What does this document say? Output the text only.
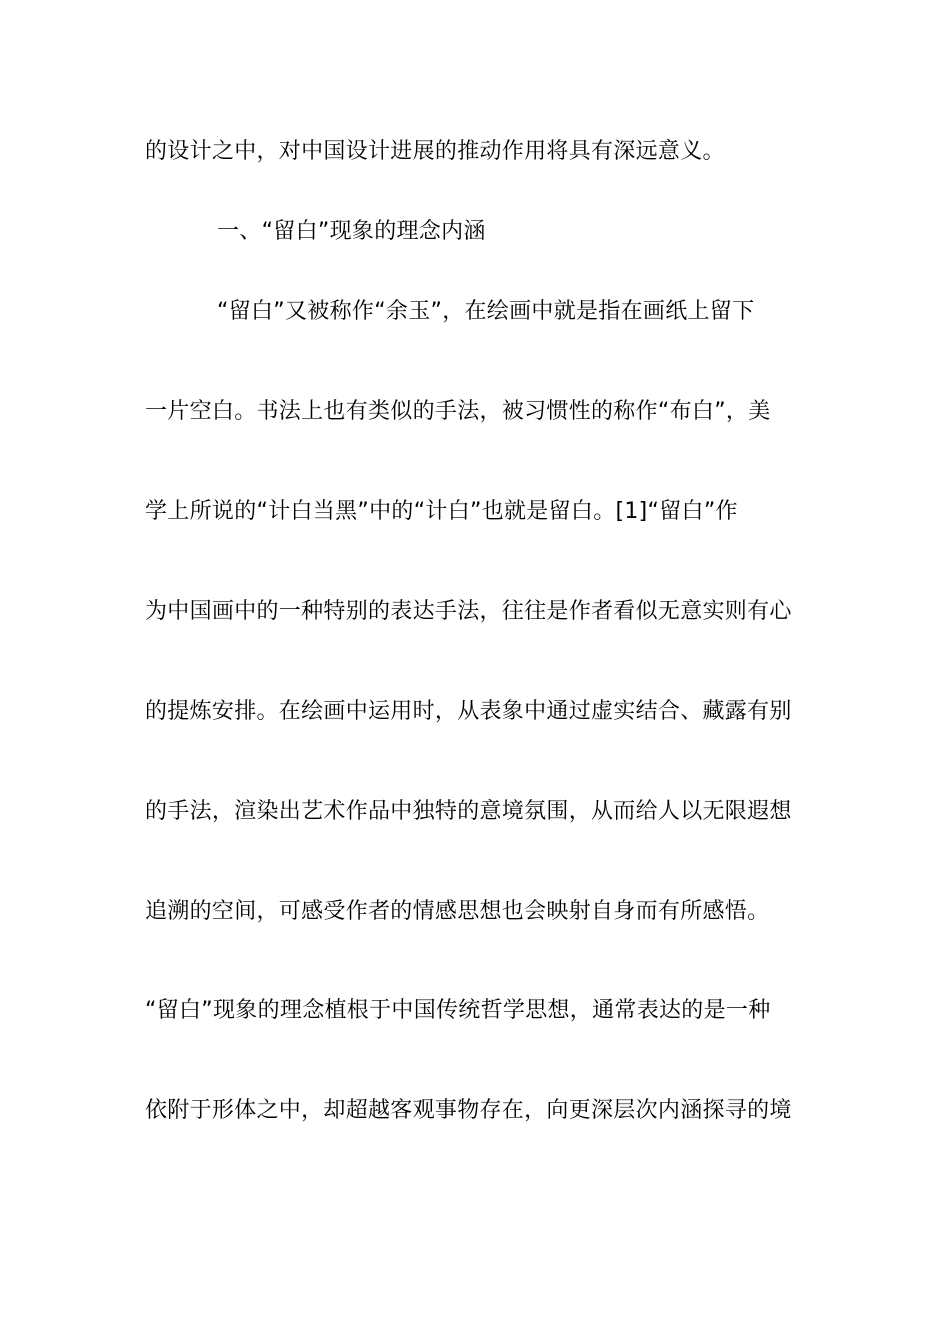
的设计之中，对中国设计进展的推动作用将具有深远意义。
一、“留白”现象的理念内涵
“留白”又被称作“余玉”，在绘画中就是指在画纸上留下
一片空白。书法上也有类似的手法，被习惯性的称作“布白”，美
学上所说的“计白当黑”中的“计白”也就是留白。[1]“留白”作
为中国画中的一种特别的表达手法，往往是作者看似无意实则有心
的提炼安排。在绘画中运用时，从表象中通过虚实结合、藏露有别
的手法，渲染出艺术作品中独特的意境氛围，从而给人以无限遐想
追溯的空间，可感受作者的情感思想也会映射自身而有所感悟。
“留白”现象的理念植根于中国传统哲学思想，通常表达的是一种
依附于形体之中，却超越客观事物存在，向更深层次内涵探寻的境
